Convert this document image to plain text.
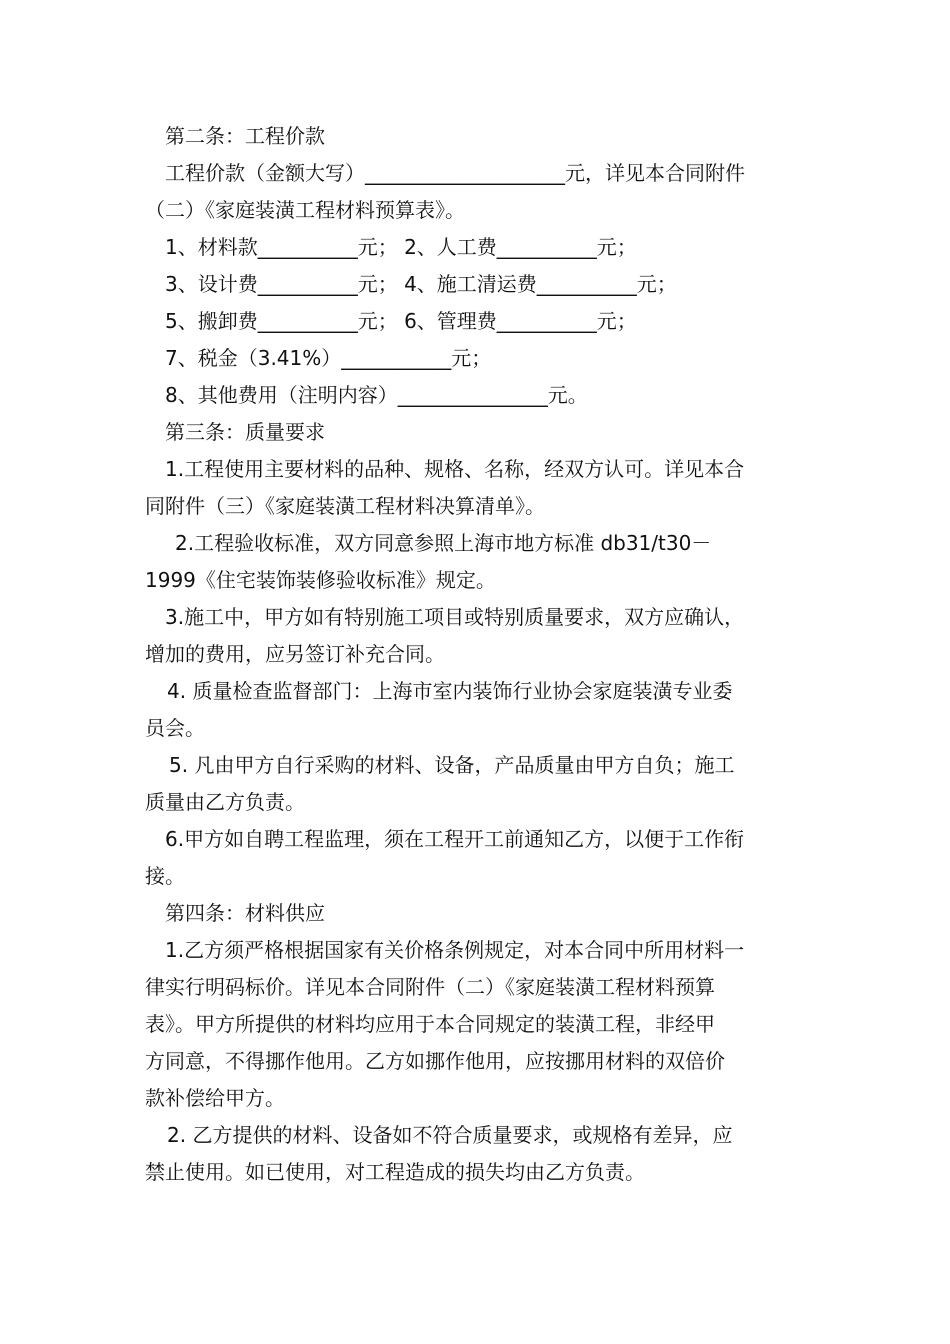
第二条：工程价款
工程价款（金额大写）____________________元，详见本合同附件
（二）《家庭装潢工程材料预算表》。
1、材料款__________元； 2、人工费__________元；
3、设计费__________元； 4、施工清运费__________元；
5、搬卸费__________元； 6、管理费__________元；
7、税金（3.41%）___________元；
8、其他费用（注明内容）_______________元。
第三条：质量要求
1.工程使用主要材料的品种、规格、名称，经双方认可。详见本合
同附件（三）《家庭装潢工程材料决算清单》。
2.工程验收标准，双方同意参照上海市地方标准 db31/t30－
1999《住宅装饰装修验收标准》规定。
3.施工中，甲方如有特别施工项目或特别质量要求，双方应确认，
增加的费用，应另签订补充合同。
4. 质量检查监督部门：上海市室内装饰行业协会家庭装潢专业委
员会。
5. 凡由甲方自行采购的材料、设备，产品质量由甲方自负；施工
质量由乙方负责。
6.甲方如自聘工程监理，须在工程开工前通知乙方，以便于工作衔
接。
第四条：材料供应
1.乙方须严格根据国家有关价格条例规定，对本合同中所用材料一
律实行明码标价。详见本合同附件（二）《家庭装潢工程材料预算
表》。甲方所提供的材料均应用于本合同规定的装潢工程，非经甲
方同意，不得挪作他用。乙方如挪作他用，应按挪用材料的双倍价
款补偿给甲方。
2. 乙方提供的材料、设备如不符合质量要求，或规格有差异，应
禁止使用。如已使用，对工程造成的损失均由乙方负责。
